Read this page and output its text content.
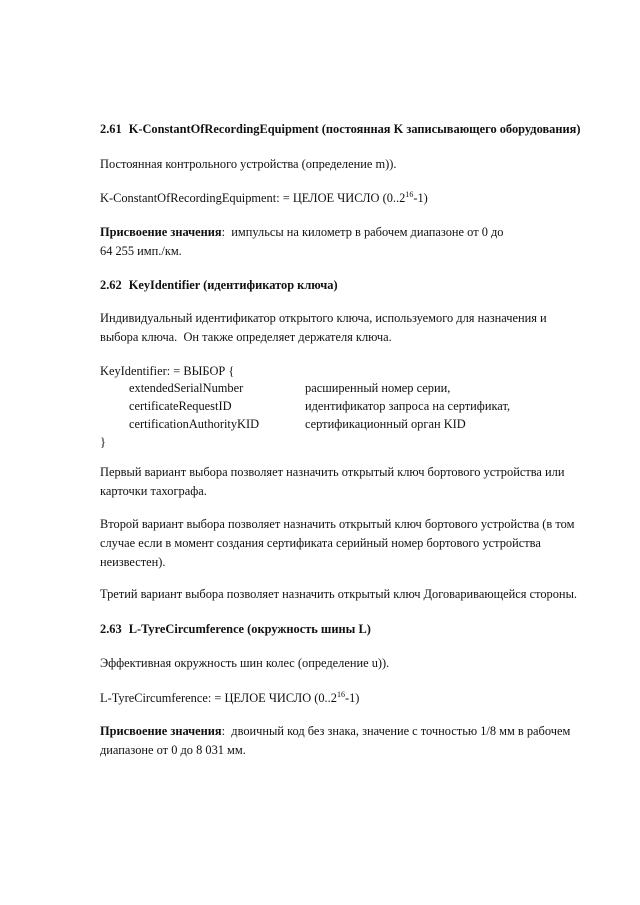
2.61 K-ConstantOfRecordingEquipment (постоянная K записывающего оборудования)
Постоянная контрольного устройства (определение m)).
K-ConstantOfRecordingEquipment: = ЦЕЛОЕ ЧИСЛО (0..2$^{16}$-1)
Присвоение значения:  импульсы на километр в рабочем диапазоне от 0 до
64 255 имп./км.
2.62 KeyIdentifier (идентификатор ключа)
Индивидуальный идентификатор открытого ключа, используемого для назначения и
выбора ключа.  Он также определяет держателя ключа.
KeyIdentifier: = ВЫБОР {
extendedSerialNumber	расширенный номер серии,
certificateRequestID	идентификатор запроса на сертификат,
certificationAuthorityKID	сертификационный орган KID
}
Первый вариант выбора позволяет назначить открытый ключ бортового устройства или
карточки тахографа.
Второй вариант выбора позволяет назначить открытый ключ бортового устройства (в том
случае если в момент создания сертификата серийный номер бортового устройства
неизвестен).
Третий вариант выбора позволяет назначить открытый ключ Договаривающейся стороны.
2.63 L-TyreCircumference (окружность шины L)
Эффективная окружность шин колес (определение u)).
L-TyreCircumference: = ЦЕЛОЕ ЧИСЛО (0..2$^{16}$-1)
Присвоение значения:  двоичный код без знака, значение с точностью 1/8 мм в рабочем
диапазоне от 0 до 8 031 мм.
